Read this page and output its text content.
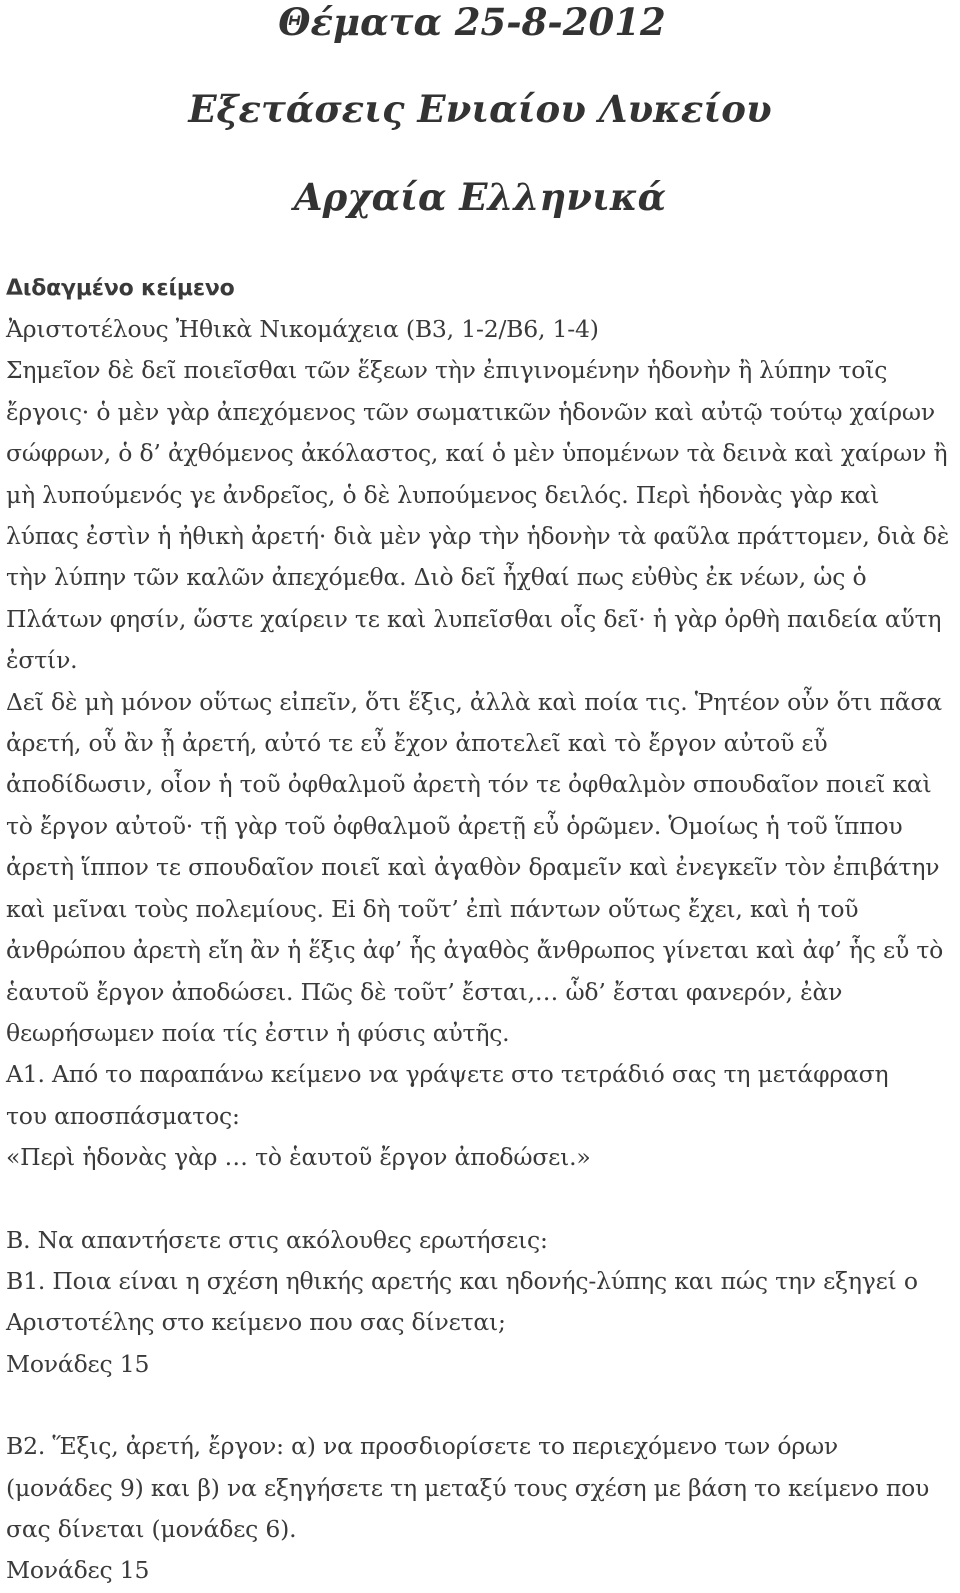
Θέματα 25-8-2012
Εξετάσεις Ενιαίου Λυκείου
Αρχαία Ελληνικά
Διδαγμένο κείμενο
Ἀριστοτέλους Ἠθικὰ Νικομάχεια (Β3, 1-2/Β6, 1-4)
Σημεῖον δὲ δεῖ ποιεῖσθαι τῶν ἕξεων τὴν ἐπιγινομένην ἡδονὴν ἢ λύπην τοῖς
ἔργοις· ὁ μὲν γὰρ ἀπεχόμενος τῶν σωματικῶν ἡδονῶν καὶ αὐτῷ τούτῳ χαίρων
σώφρων, ὁ δ’ ἀχθόμενος ἀκόλαστος, καί ὁ μὲν ὑπομένων τὰ δεινὰ καὶ χαίρων ἢ
μὴ λυπούμενός γε ἀνδρεῖος, ὁ δὲ λυπούμενος δειλός. Περὶ ἡδονὰς γὰρ καὶ
λύπας ἐστὶν ἡ ἠθικὴ ἀρετή· διὰ μὲν γὰρ τὴν ἡδονὴν τὰ φαῦλα πράττομεν, διὰ δὲ
τὴν λύπην τῶν καλῶν ἀπεχόμεθα. Διὸ δεῖ ἦχθαί πως εὐθὺς ἐκ νέων, ὡς ὁ
Πλάτων φησίν, ὥστε χαίρειν τε καὶ λυπεῖσθαι οἷς δεῖ· ἡ γὰρ ὀρθὴ παιδεία αὕτη
ἐστίν.
Δεῖ δὲ μὴ μόνον οὕτως εἰπεῖν, ὅτι ἕξις, ἀλλὰ καὶ ποία τις. Ῥητέον οὖν ὅτι πᾶσα
ἀρετή, οὗ ἂν ᾖ ἀρετή, αὐτό τε εὖ ἔχον ἀποτελεῖ καὶ τὸ ἔργον αὐτοῦ εὖ
ἀποδίδωσιν, οἷον ἡ τοῦ ὀφθαλμοῦ ἀρετὴ τόν τε ὀφθαλμὸν σπουδαῖον ποιεῖ καὶ
τὸ ἔργον αὐτοῦ· τῇ γὰρ τοῦ ὀφθαλμοῦ ἀρετῇ εὖ ὁρῶμεν. Ὁμοίως ἡ τοῦ ἵππου
ἀρετὴ ἵππον τε σπουδαῖον ποιεῖ καὶ ἀγαθὸν δραμεῖν καὶ ἐνεγκεῖν τὸν ἐπιβάτην
καὶ μεῖναι τοὺς πολεμίους. Ei δὴ τοῦτ’ ἐπὶ πάντων οὕτως ἔχει, καὶ ἡ τοῦ
ἀνθρώπου ἀρετὴ εἴη ἂν ἡ ἕξις ἀφ’ ἧς ἀγαθὸς ἄνθρωπος γίνεται καὶ ἀφ’ ἧς εὖ τὸ
ἑαυτοῦ ἔργον ἀποδώσει. Πῶς δὲ τοῦτ’ ἔσται,… ὧδ’ ἔσται φανερόν, ἐὰν
θεωρήσωμεν ποία τίς ἐστιν ἡ φύσις αὐτῆς.
Α1. Από το παραπάνω κείμενο να γράψετε στο τετράδιό σας τη μετάφραση
του αποσπάσματος:
«Περὶ ἡδονὰς γὰρ … τὸ ἑαυτοῦ ἔργον ἀποδώσει.»
Β. Να απαντήσετε στις ακόλουθες ερωτήσεις:
Β1. Ποια είναι η σχέση ηθικής αρετής και ηδονής-λύπης και πώς την εξηγεί ο
Αριστοτέλης στο κείμενο που σας δίνεται;
Μονάδες 15
Β2. Ἕξις, ἀρετή, ἔργον: α) να προσδιορίσετε το περιεχόμενο των όρων
(μονάδες 9) και β) να εξηγήσετε τη μεταξύ τους σχέση με βάση το κείμενο που
σας δίνεται (μονάδες 6).
Μονάδες 15
